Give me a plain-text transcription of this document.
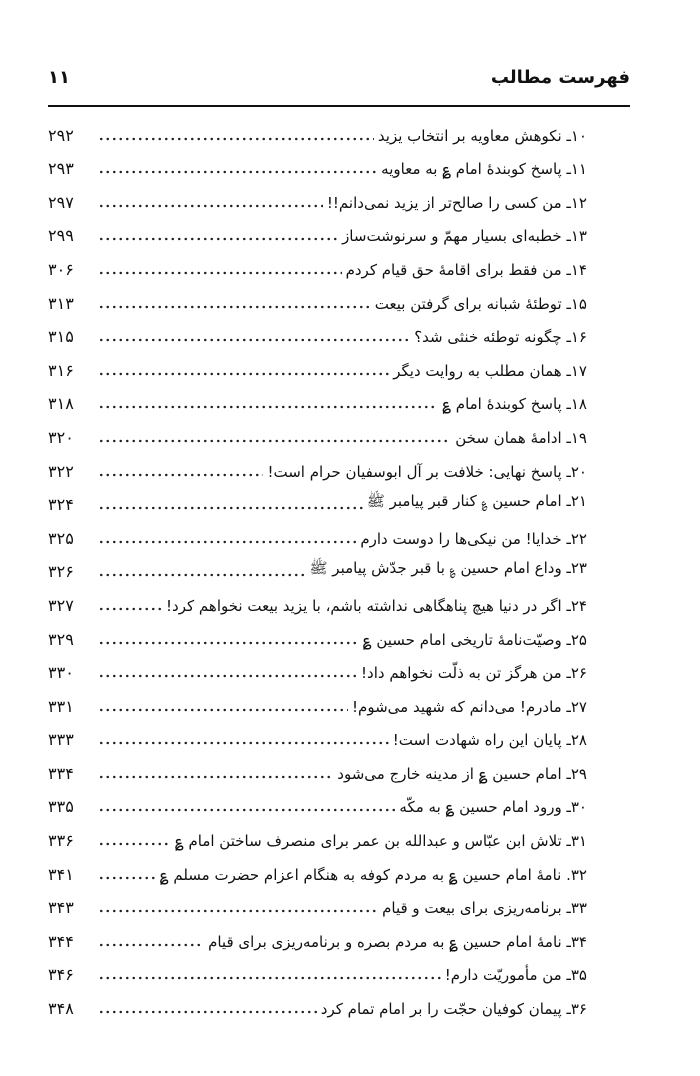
فهرست مطالب
۱۱
۱۰ـ نکوهش معاویه بر انتخاب یزید
۲۹۲
۱۱ـ پاسخ کوبندهٔ امام ؏ به معاویه
۲۹۳
۱۲ـ من کسی را صالح‌تر از یزید نمی‌دانم!!
۲۹۷
۱۳ـ خطبه‌ای بسیار مهمّ و سرنوشت‌ساز
۲۹۹
۱۴ـ من فقط برای اقامهٔ حق قیام کردم
۳۰۶
۱۵ـ توطئهٔ شبانه برای گرفتن بیعت
۳۱۳
۱۶ـ چگونه توطئه خنثی شد؟
۳۱۵
۱۷ـ همان مطلب به روایت دیگر
۳۱۶
۱۸ـ پاسخ کوبندهٔ امام ؏
۳۱۸
۱۹ـ ادامهٔ همان سخن
۳۲۰
۲۰ـ پاسخ نهایی: خلافت بر آل ابوسفیان حرام است!
۳۲۲
۲۱ـ امام حسین ؏ کنار قبر پیامبر ﷺ
۳۲۴
۲۲ـ خدایا! من نیکی‌ها را دوست دارم
۳۲۵
۲۳ـ وداع امام حسین ؏ با قبر جدّش پیامبر ﷺ
۳۲۶
۲۴ـ اگر در دنیا هیچ پناهگاهی نداشته باشم، با یزید بیعت نخواهم کرد!
۳۲۷
۲۵ـ وصیّت‌نامهٔ تاریخی امام حسین ؏
۳۲۹
۲۶ـ من هرگز تن به ذلّت نخواهم داد!
۳۳۰
۲۷ـ مادرم! می‌دانم که شهید می‌شوم!
۳۳۱
۲۸ـ پایان این راه شهادت است!
۳۳۳
۲۹ـ امام حسین ؏ از مدینه خارج می‌شود
۳۳۴
۳۰ـ ورود امام حسین ؏ به مکّه
۳۳۵
۳۱ـ تلاش ابن عبّاس و عبدالله بن عمر برای منصرف ساختن امام ؏
۳۳۶
۳۲. نامهٔ امام حسین ؏ به مردم کوفه به هنگام اعزام حضرت مسلم ؏
۳۴۱
۳۳ـ برنامه‌ریزی برای بیعت و قیام
۳۴۳
۳۴ـ نامهٔ امام حسین ؏ به مردم بصره و برنامه‌ریزی برای قیام
۳۴۴
۳۵ـ من مأموریّت دارم!
۳۴۶
۳۶ـ پیمان کوفیان حجّت را بر امام تمام کرد
۳۴۸
